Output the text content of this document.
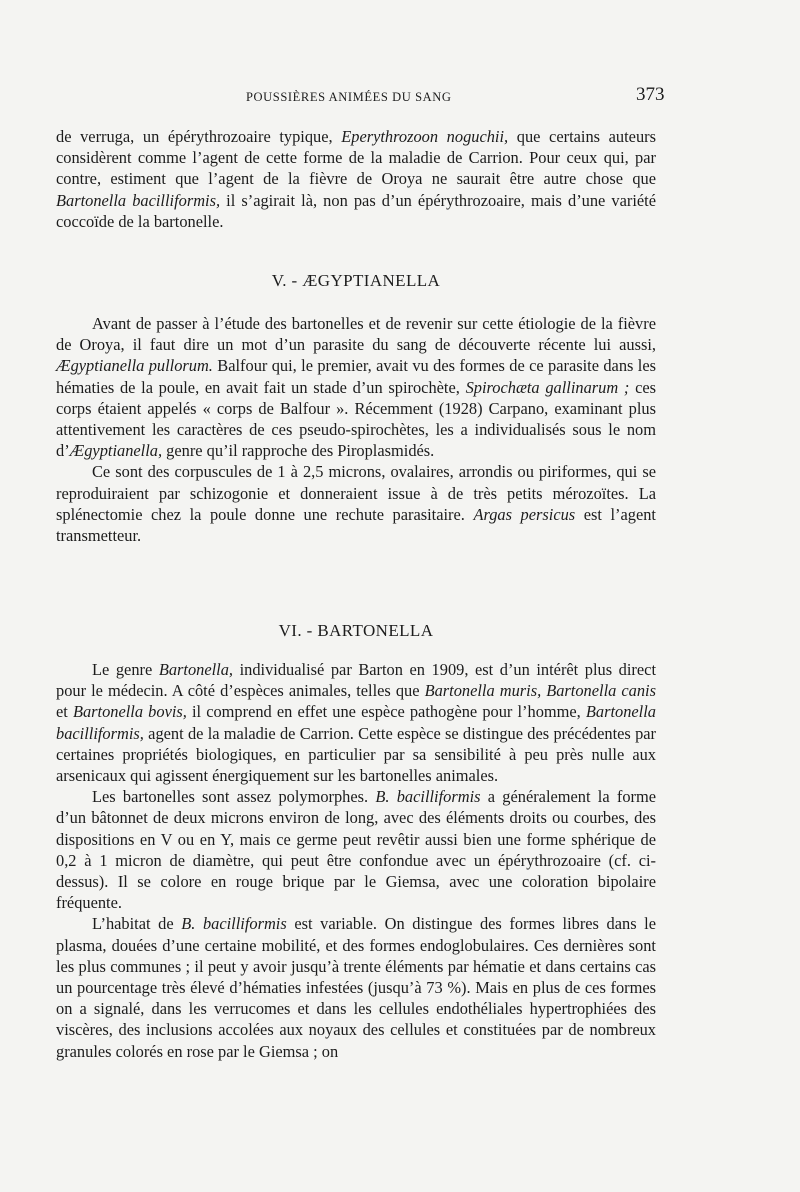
POUSSIÈRES ANIMÉES DU SANG	373

de verruga, un épérythrozoaire typique, Eperythrozoon noguchii, que certains auteurs considèrent comme l’agent de cette forme de la maladie de Carrion. Pour ceux qui, par contre, estiment que l’agent de la fièvre de Oroya ne saurait être autre chose que Bartonella bacilliformis, il s’agirait là, non pas d’un épérythrozoaire, mais d’une variété coccoïde de la bartonelle.

V. - ÆGYPTIANELLA

Avant de passer à l’étude des bartonelles et de revenir sur cette étiologie de la fièvre de Oroya, il faut dire un mot d’un parasite du sang de découverte récente lui aussi, Ægyptianella pullorum. Balfour qui, le premier, avait vu des formes de ce parasite dans les hématies de la poule, en avait fait un stade d’un spirochète, Spirochæta gallinarum ; ces corps étaient appelés « corps de Balfour ». Récemment (1928) Carpano, examinant plus attentivement les caractères de ces pseudo-spirochètes, les a individualisés sous le nom d’Ægyptianella, genre qu’il rapproche des Piroplasmidés.

Ce sont des corpuscules de 1 à 2,5 microns, ovalaires, arrondis ou piriformes, qui se reproduiraient par schizogonie et donneraient issue à de très petits mérozoïtes. La splénectomie chez la poule donne une rechute parasitaire. Argas persicus est l’agent transmetteur.

VI. - BARTONELLA

Le genre Bartonella, individualisé par Barton en 1909, est d’un intérêt plus direct pour le médecin. A côté d’espèces animales, telles que Bartonella muris, Bartonella canis et Bartonella bovis, il comprend en effet une espèce pathogène pour l’homme, Bartonella bacilliformis, agent de la maladie de Carrion. Cette espèce se distingue des précédentes par certaines propriétés biologiques, en particulier par sa sensibilité à peu près nulle aux arsenicaux qui agissent énergiquement sur les bartonelles animales.

Les bartonelles sont assez polymorphes. B. bacilliformis a généralement la forme d’un bâtonnet de deux microns environ de long, avec des éléments droits ou courbes, des dispositions en V ou en Y, mais ce germe peut revêtir aussi bien une forme sphérique de 0,2 à 1 micron de diamètre, qui peut être confondue avec un épérythrozoaire (cf. ci-dessus). Il se colore en rouge brique par le Giemsa, avec une coloration bipolaire fréquente.

L’habitat de B. bacilliformis est variable. On distingue des formes libres dans le plasma, douées d’une certaine mobilité, et des formes endoglobulaires. Ces dernières sont les plus communes ; il peut y avoir jusqu’à trente éléments par hématie et dans certains cas un pourcentage très élevé d’hématies infestées (jusqu’à 73 %). Mais en plus de ces formes on a signalé, dans les verrucomes et dans les cellules endothéliales hypertrophiées des viscères, des inclusions accolées aux noyaux des cellules et constituées par de nombreux granules colorés en rose par le Giemsa ; on
